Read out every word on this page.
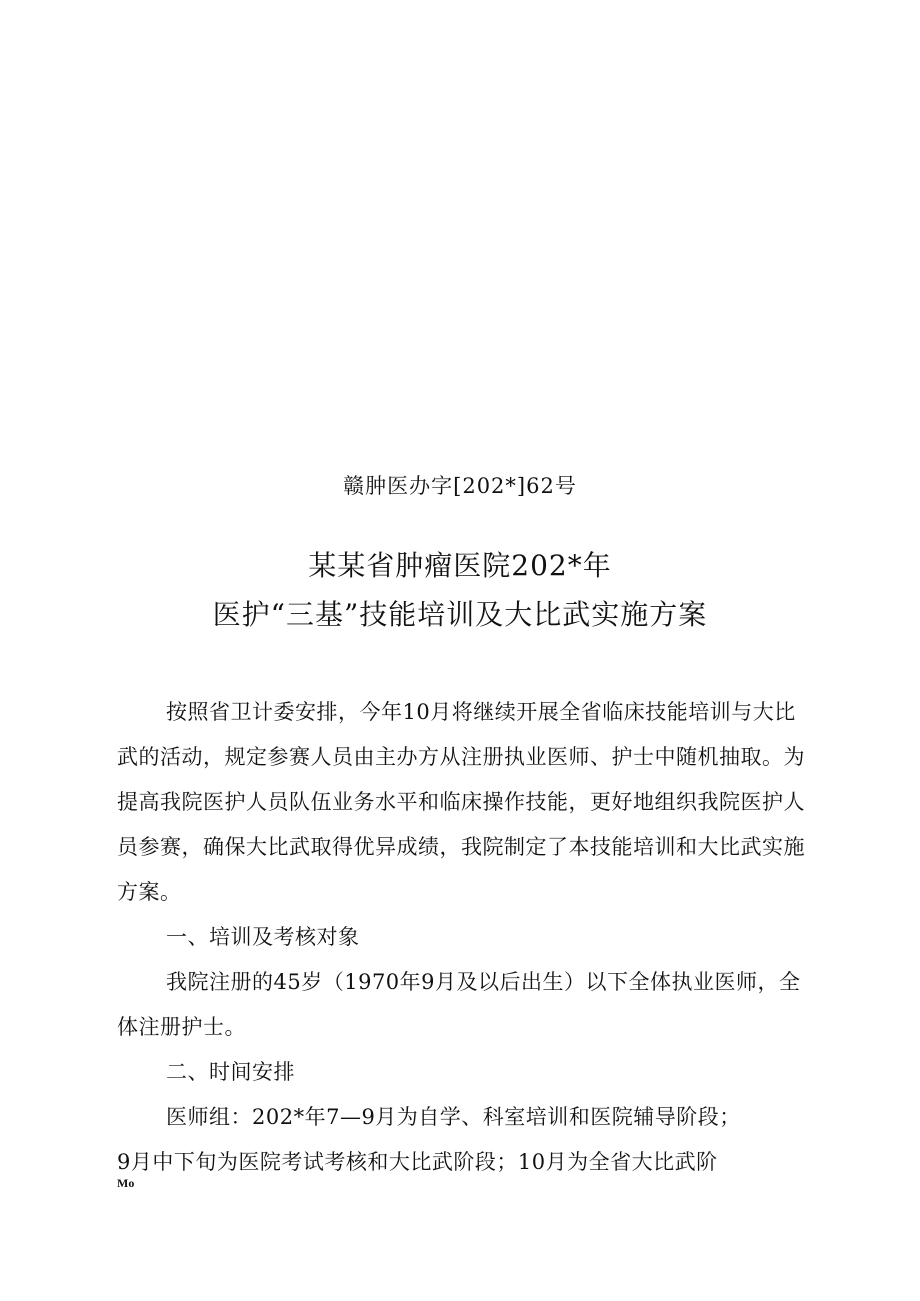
赣肿医办字[202*]62号
某某省肿瘤医院202*年
医护“三基”技能培训及大比武实施方案

按照省卫计委安排，今年10月将继续开展全省临床技能培训与大比武的活动，规定参赛人员由主办方从注册执业医师、护士中随机抽取。为提高我院医护人员队伍业务水平和临床操作技能，更好地组织我院医护人员参赛，确保大比武取得优异成绩，我院制定了本技能培训和大比武实施方案。

一、培训及考核对象

我院注册的45岁（1970年9月及以后出生）以下全体执业医师，全体注册护士。

二、时间安排

医师组：202*年7—9月为自学、科室培训和医院辅导阶段；

9月中下旬为医院考试考核和大比武阶段；10月为全省大比武阶

Mo
